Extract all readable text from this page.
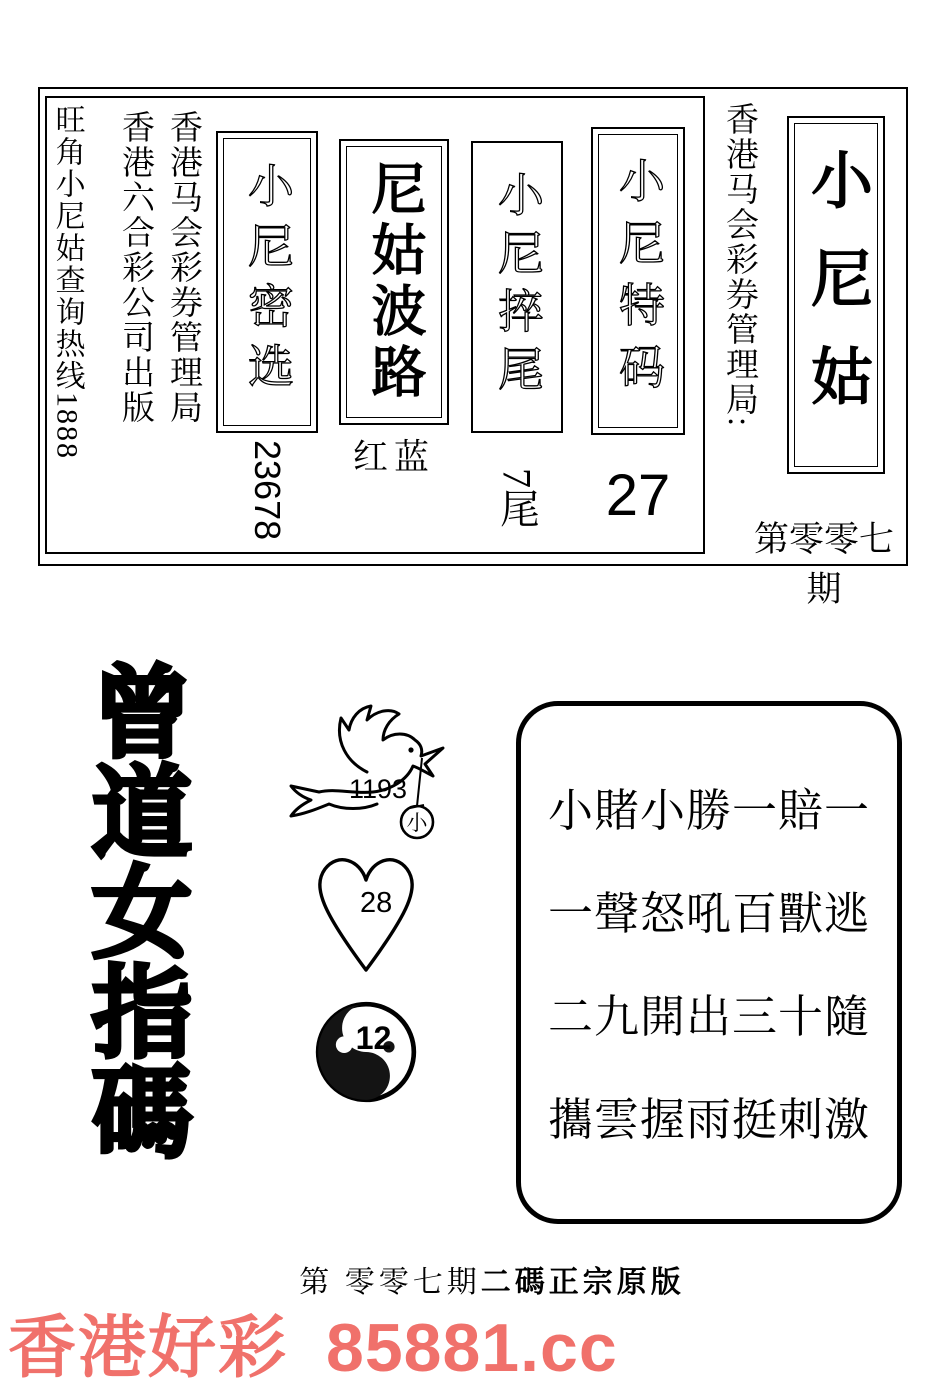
旺角小尼姑查询热线1888 香港六合彩公司出版 香港马会彩券管理局 小尼密选
23678
尼姑波路
红蓝
小尼捽尾
7尾
小尼特码
27
香港马会彩券管理局: 小尼姑
第零零七期
曾道女指碼	1193
小
28
12
小賭小勝一賠一
一聲怒吼百獸逃
二九開出三十隨
攜雲握雨挺刺激
第 零零七期二碼正宗原版
香港好彩 85881.cc
